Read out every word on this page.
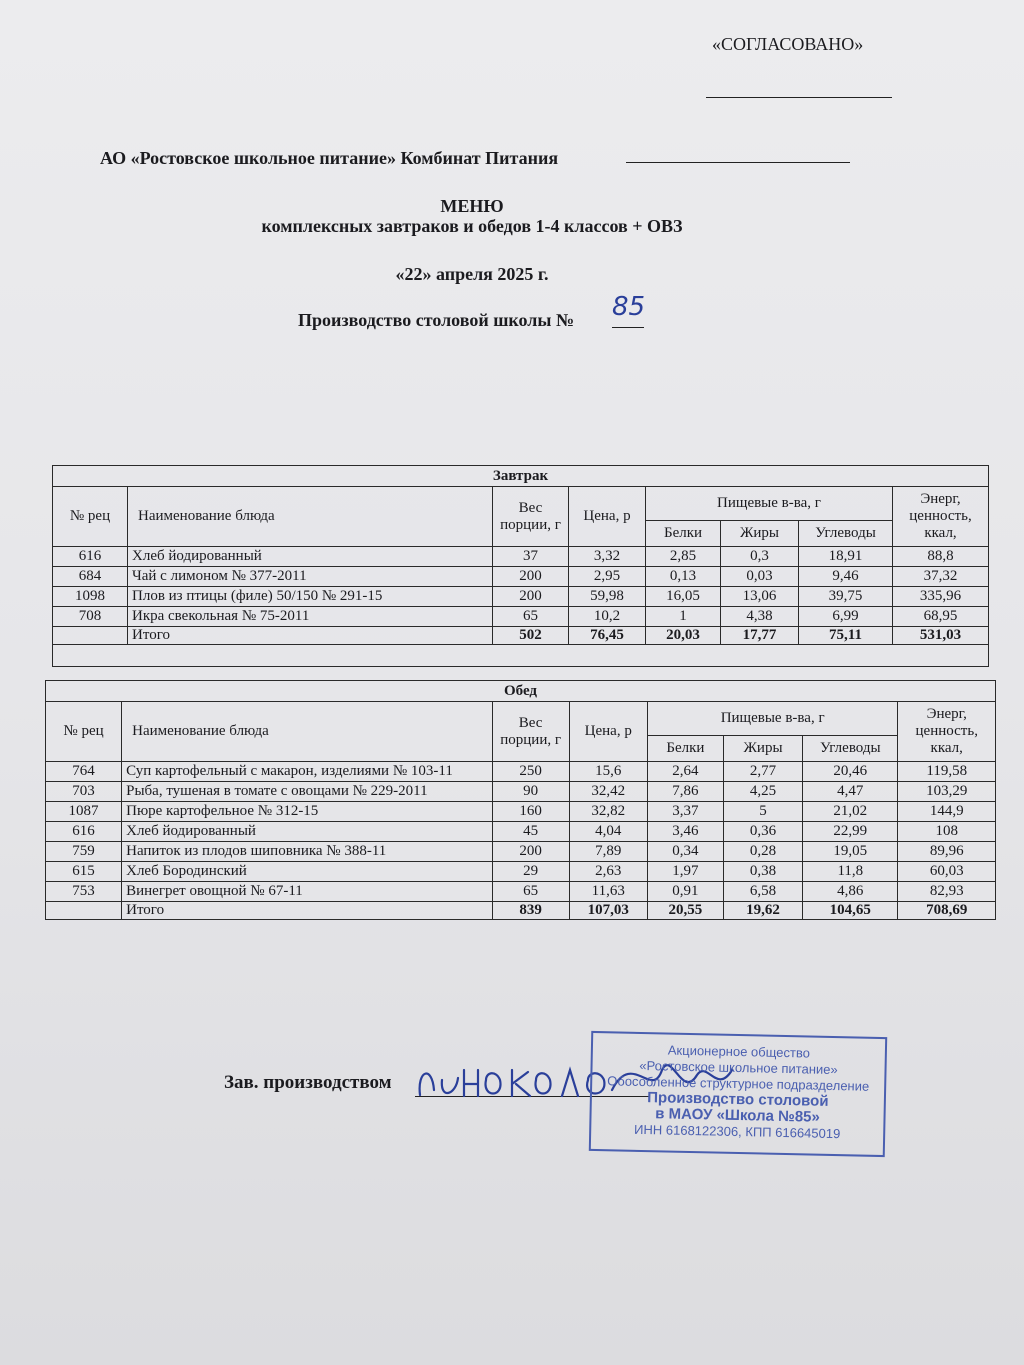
«СОГЛАСОВАНО»
АО «Ростовское школьное питание» Комбинат Питания
МЕНЮ
комплексных завтраков и обедов 1-4 классов + ОВЗ
«22» апреля 2025 г.
Производство столовой школы № 85
Завтрак							
№ рец	Наименование блюда	Вес порции, г	Цена, р	Пищевые в-ва, г			Энерг, ценность, ккал,
				Белки	Жиры	Углеводы	
616	Хлеб йодированный	37	3,32	2,85	0,3	18,91	88,8
684	Чай с лимоном № 377-2011	200	2,95	0,13	0,03	9,46	37,32
1098	Плов из птицы (филе) 50/150 № 291-15	200	59,98	16,05	13,06	39,75	335,96
708	Икра свекольная № 75-2011	65	10,2	1	4,38	6,99	68,95
	Итого	502	76,45	20,03	17,77	75,11	531,03

Обед							
№ рец	Наименование блюда	Вес порции, г	Цена, р	Пищевые в-ва, г			Энерг, ценность, ккал,
				Белки	Жиры	Углеводы	
764	Суп картофельный с макарон, изделиями № 103-11	250	15,6	2,64	2,77	20,46	119,58
703	Рыба, тушеная в томате с овощами № 229-2011	90	32,42	7,86	4,25	4,47	103,29
1087	Пюре картофельное № 312-15	160	32,82	3,37	5	21,02	144,9
616	Хлеб йодированный	45	4,04	3,46	0,36	22,99	108
759	Напиток из плодов шиповника № 388-11	200	7,89	0,34	0,28	19,05	89,96
615	Хлеб Бородинский	29	2,63	1,97	0,38	11,8	60,03
753	Винегрет овощной № 67-11	65	11,63	0,91	6,58	4,86	82,93
	Итого	839	107,03	20,55	19,62	104,65	708,69
Зав. производством
Акционерное общество
«Ростовское школьное питание»
Обособленное структурное подразделение
Производство столовой
в МАОУ «Школа №85»
ИНН 6168122306, КПП 616645019
